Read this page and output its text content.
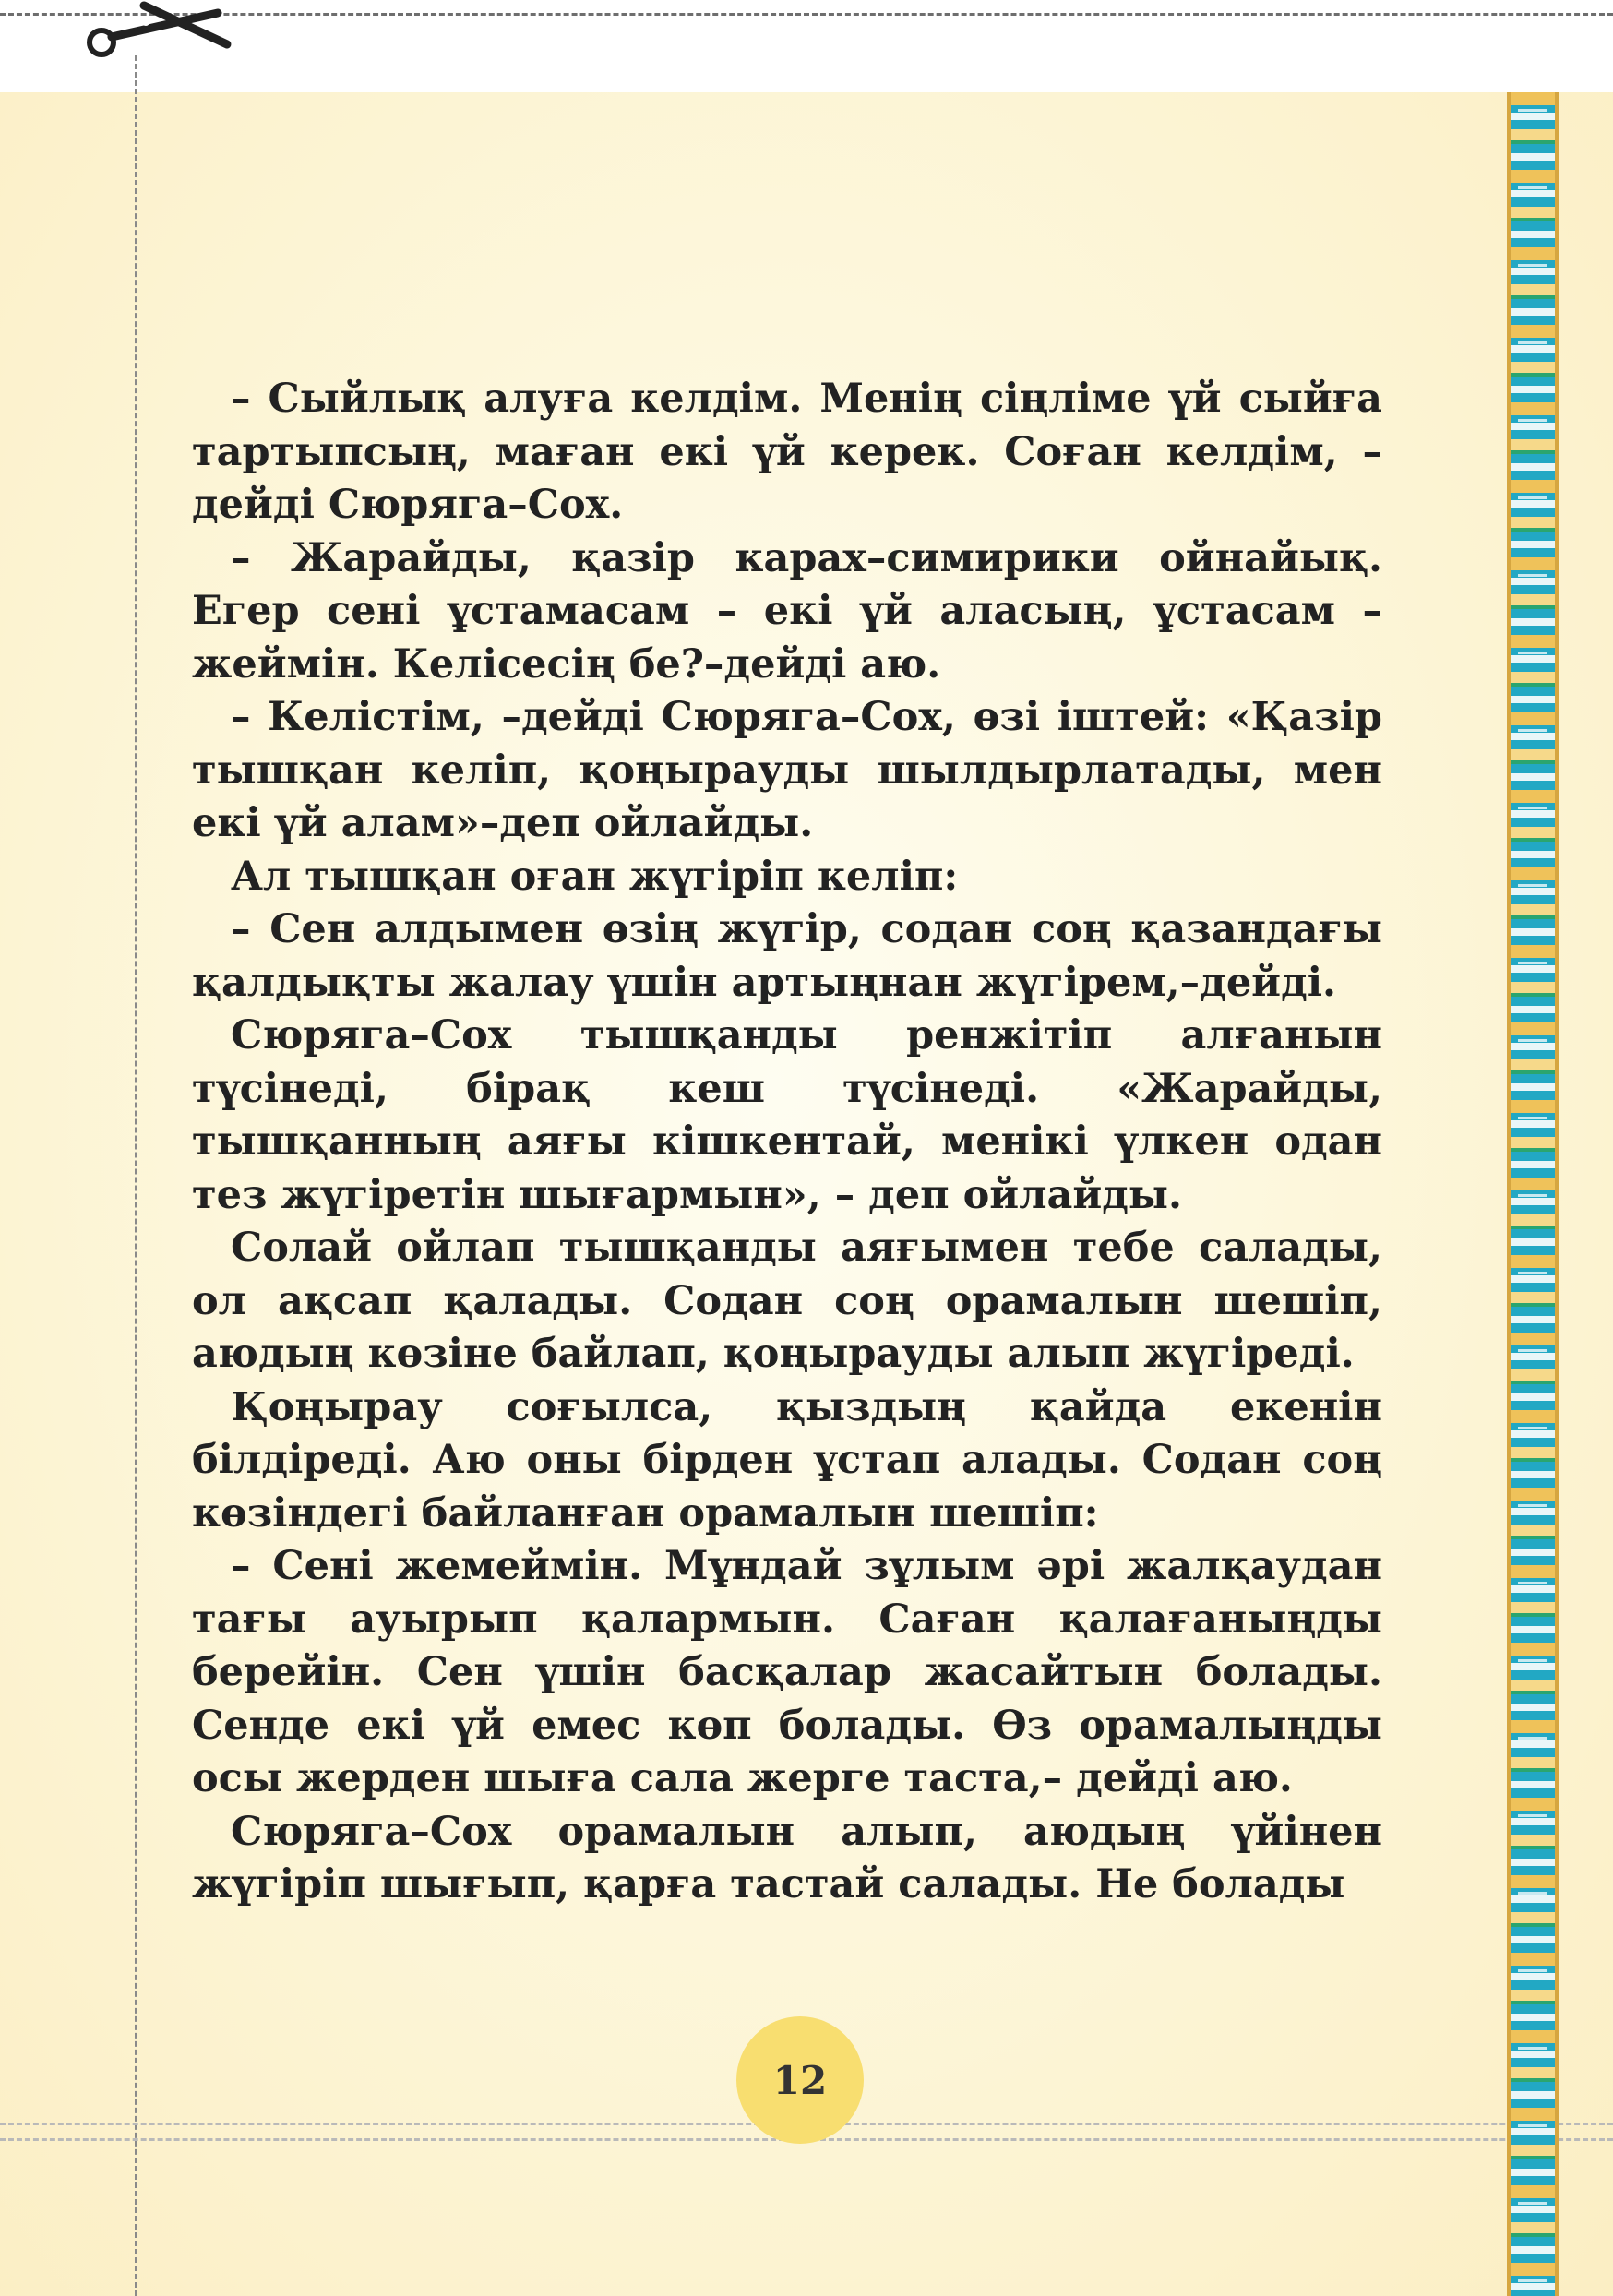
– Сыйлық алуға келдім. Менің сіңліме үй сыйға тартыпсың, маған екі үй керек. Соған келдім, – дейді Сюряга–Сох.

– Жарайды, қазір карах–симирики ойнайық. Егер сені ұстамасам – екі үй аласың, ұстасам – жеймін. Келісесің бе?–дейді аю.

– Келістім, –дейді Сюряга–Сох, өзі іштей: «Қазір тышқан келіп, қоңырауды шылдырлатады, мен екі үй алам»–деп ойлайды.

Ал тышқан оған жүгіріп келіп:

– Сен алдымен өзің жүгір, содан соң қазандағы қалдықты жалау үшін артыңнан жүгірем,–дейді.

Сюряга–Сох тышқанды ренжітіп алғанын түсінеді, бірақ кеш түсінеді. «Жарайды, тышқанның аяғы кішкентай, менікі үлкен одан тез жүгіретін шығармын», – деп ойлайды.

Солай ойлап тышқанды аяғымен тебе салады, ол ақсап қалады. Содан соң орамалын шешіп, аюдың көзіне байлап, қоңырауды алып жүгіреді.

Қоңырау соғылса, қыздың қайда екенін білдіреді. Аю оны бірден ұстап алады. Содан соң көзіндегі байланған орамалын шешіп:

– Сені жемеймін. Мұндай зұлым әрі жалқаудан тағы ауырып қалармын. Саған қалағаныңды берейін. Сен үшін басқалар жасайтын болады. Сенде екі үй емес көп болады. Өз орамалыңды осы жерден шыға сала жерге таста,– дейді аю.

Сюряга–Сох орамалын алып, аюдың үйінен жүгіріп шығып, қарға тастай салады. Не болады

12
